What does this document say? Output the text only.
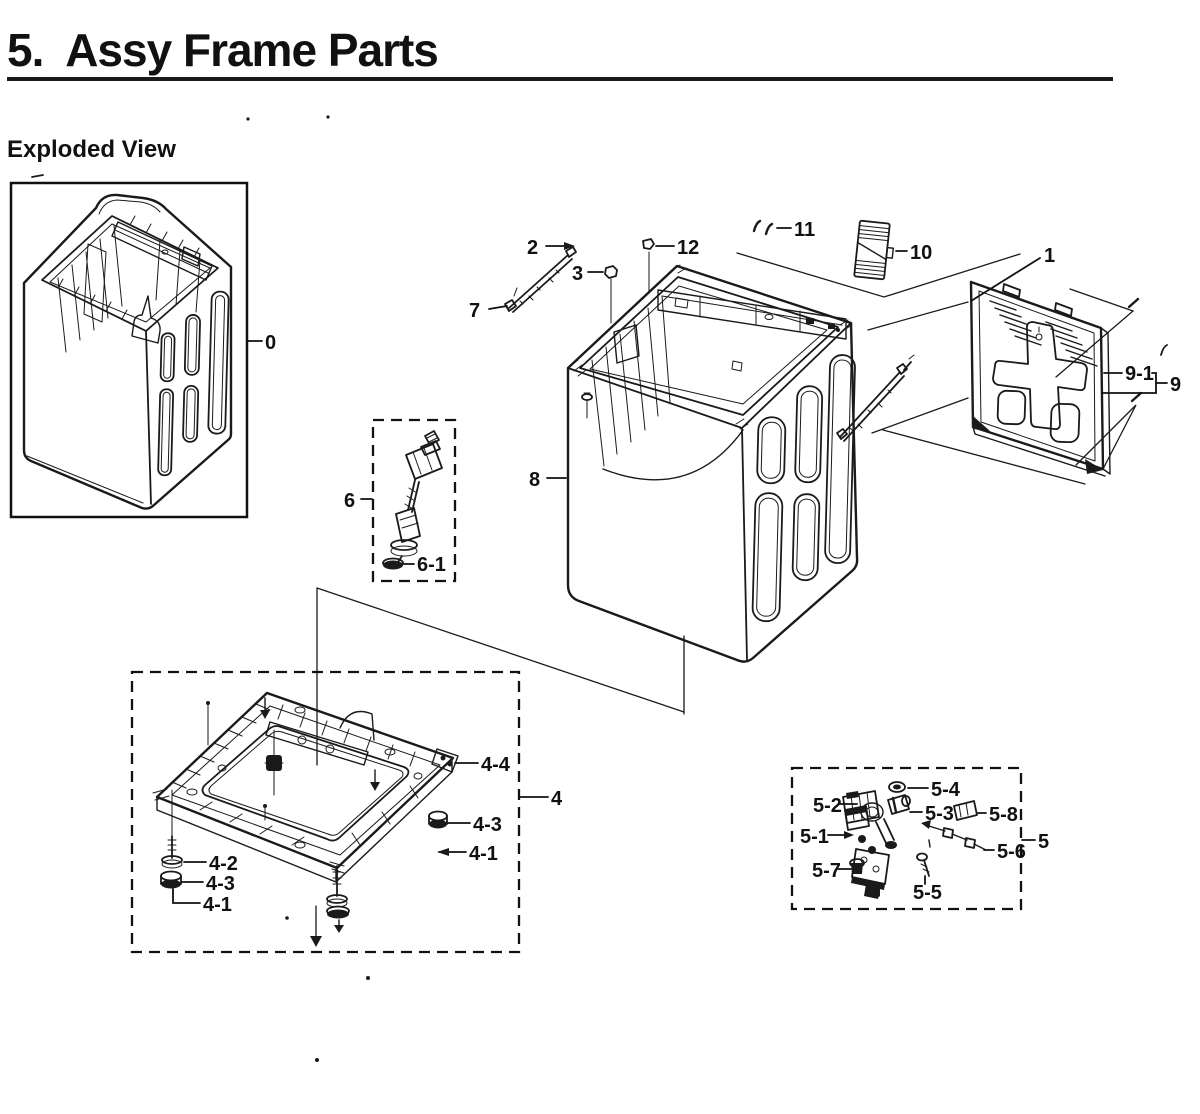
5.  Assy Frame Parts
Exploded View
0
2
7
3
12
11
10
8
1
9-1 9
6
6-1
4-4
4-3
4-1
4-2
4-3
4-1
4	5-4
5-2	5-3 5-8
5-1
5-6
5-7
5-5
5
